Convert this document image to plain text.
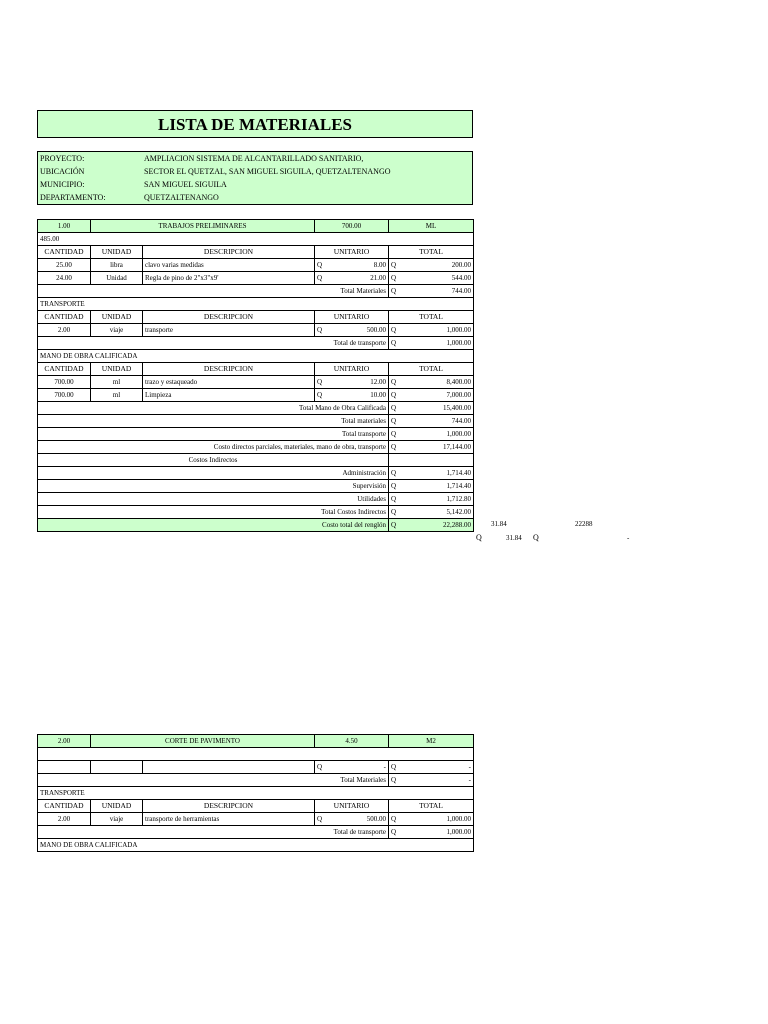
LISTA DE MATERIALES
PROYECTO:	AMPLIACION SISTEMA DE ALCANTARILLADO SANITARIO,
UBICACIÓN	SECTOR EL QUETZAL, SAN MIGUEL SIGUILA, QUETZALTENANGO
MUNICIPIO:	SAN MIGUEL SIGUILA
DEPARTAMENTO:	QUETZALTENANGO
1.00	TRABAJOS PRELIMINARES		700.00	ML
485.00				
CANTIDAD	UNIDAD	DESCRIPCION	UNITARIO	TOTAL
25.00	libra	clavo varias medidas	Q 8.00	Q 200.00

24.00	Unidad	Regla de pino de 2"x3"x9'	Q 21.00	Q 544.00

Total Materiales				Q 744.00

TRANSPORTE				
CANTIDAD	UNIDAD	DESCRIPCION	UNITARIO	TOTAL
2.00	viaje	transporte	Q 500.00	Q 1,000.00

Total de transporte				Q 1,000.00

MANO DE OBRA CALIFICADA				
CANTIDAD	UNIDAD	DESCRIPCION	UNITARIO	TOTAL
700.00	ml	trazo y estaqueado	Q 12.00	Q 8,400.00

700.00	ml	Limpieza	Q 10.00	Q 7,000.00

Total Mano de Obra Calificada				Q 15,400.00

Total materiales				Q 744.00

Total transporte				Q 1,000.00

Costo directos parciales, materiales, mano de obra, transporte				Q 17,144.00

Costos Indirectos				
Administración				Q 1,714.40

Supervisión				Q 1,714.40

Utilidades				Q 1,712.80

Total Costos Indirectos				Q 5,142.00

Costo total del renglón				Q 22,288.00	31.84	22288
Q	31.84 Q	-
2.00	CORTE DE PAVIMENTO		4.50	M2

			Q -	Q -

Total Materiales				Q -

TRANSPORTE				
CANTIDAD	UNIDAD	DESCRIPCION	UNITARIO	TOTAL
2.00	viaje	transporte de herramientas	Q 500.00	Q 1,000.00

Total de transporte				Q 1,000.00

MANO DE OBRA CALIFICADA				
